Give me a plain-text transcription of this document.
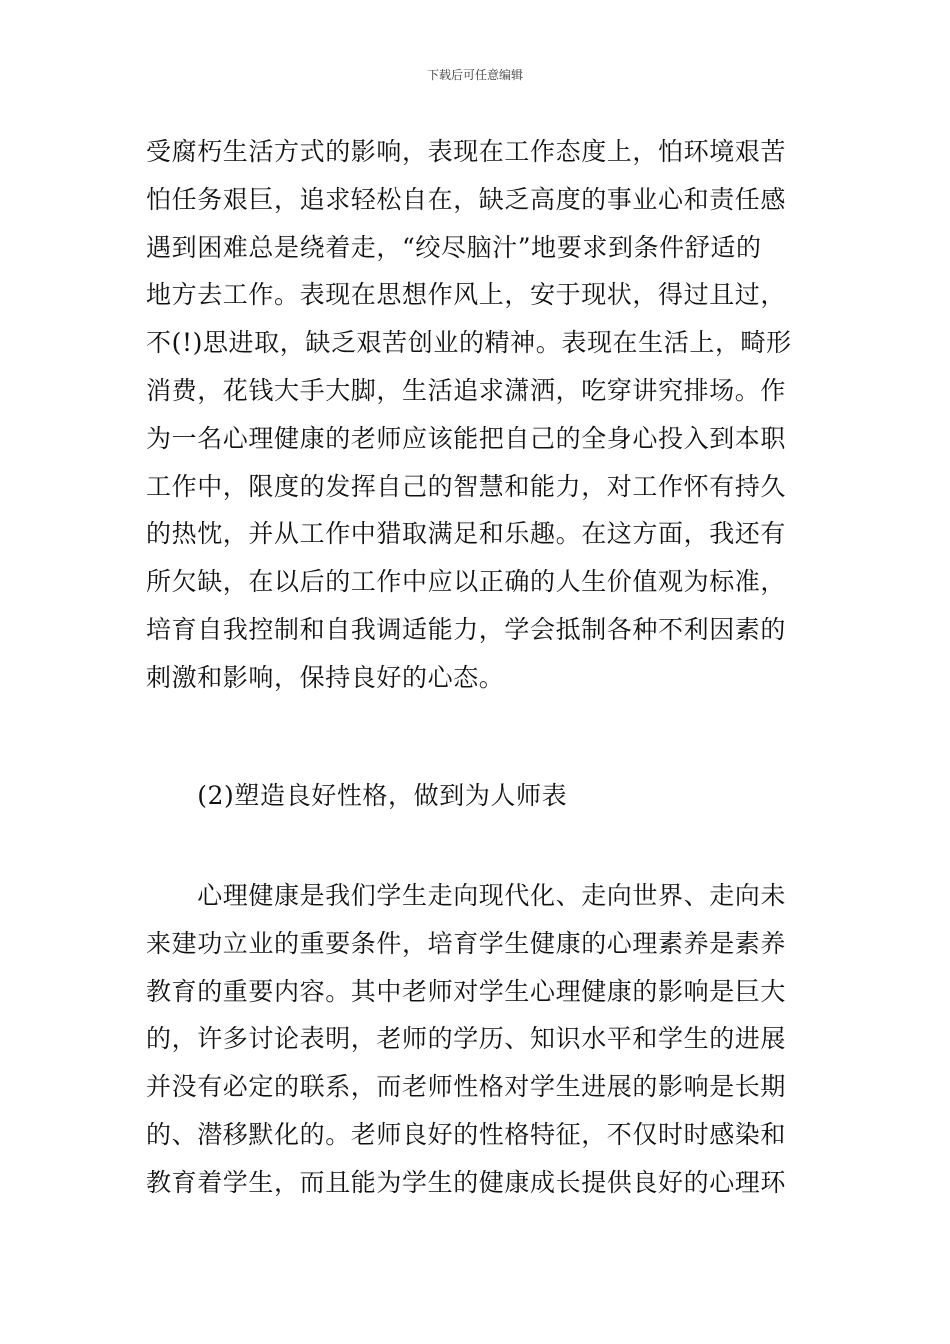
下载后可任意编辑
受腐朽生活方式的影响，表现在工作态度上，怕环境艰苦
怕任务艰巨，追求轻松自在，缺乏高度的事业心和责任感
遇到困难总是绕着走，“绞尽脑汁”地要求到条件舒适的
地方去工作。表现在思想作风上，安于现状，得过且过，
不(!)思进取，缺乏艰苦创业的精神。表现在生活上，畸形
消费，花钱大手大脚，生活追求潇洒，吃穿讲究排场。作
为一名心理健康的老师应该能把自己的全身心投入到本职
工作中，限度的发挥自己的智慧和能力，对工作怀有持久
的热忱，并从工作中猎取满足和乐趣。在这方面，我还有
所欠缺，在以后的工作中应以正确的人生价值观为标准，
培育自我控制和自我调适能力，学会抵制各种不利因素的
刺激和影响，保持良好的心态。
　　(2)塑造良好性格，做到为人师表
　　心理健康是我们学生走向现代化、走向世界、走向未
来建功立业的重要条件，培育学生健康的心理素养是素养
教育的重要内容。其中老师对学生心理健康的影响是巨大
的，许多讨论表明，老师的学历、知识水平和学生的进展
并没有必定的联系，而老师性格对学生进展的影响是长期
的、潜移默化的。老师良好的性格特征，不仅时时感染和
教育着学生，而且能为学生的健康成长提供良好的心理环
